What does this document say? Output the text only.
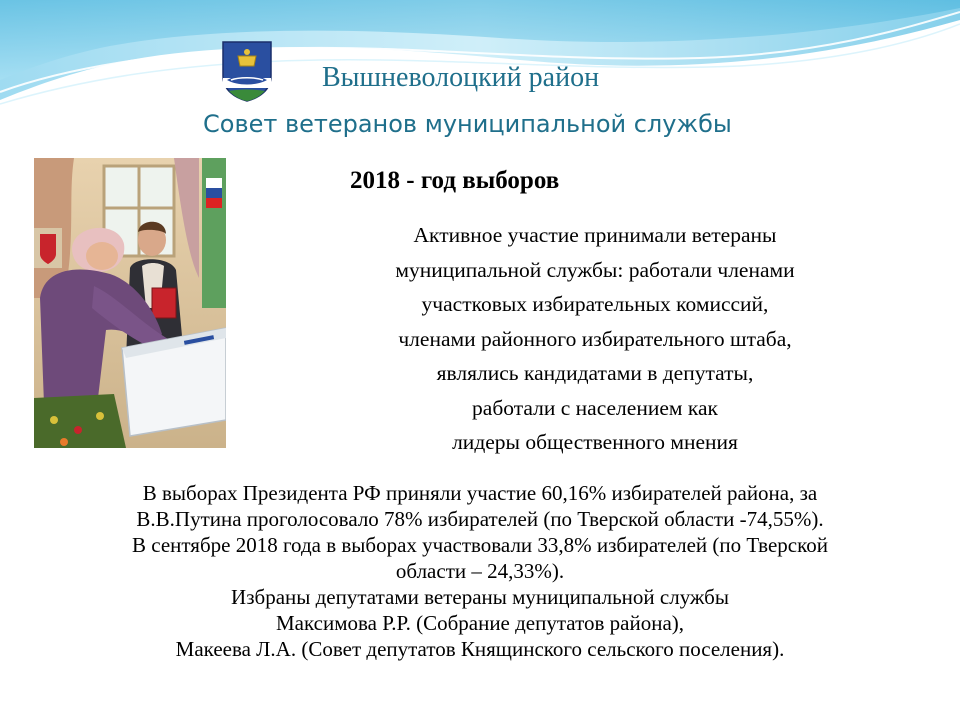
Вышневолоцкий район
Совет ветеранов муниципальной службы
2018 - год выборов
Активное участие принимали ветераны
муниципальной службы: работали членами
участковых избирательных комиссий,
членами районного избирательного штаба,
являлись кандидатами в депутаты,
работали с населением как
лидеры общественного мнения
В выборах Президента РФ приняли участие 60,16% избирателей района, за
В.В.Путина проголосовало 78% избирателей (по Тверской области -74,55%).
В сентябре 2018 года в выборах участвовали 33,8% избирателей (по Тверской
области – 24,33%).
Избраны депутатами ветераны муниципальной службы
Максимова Р.Р. (Собрание депутатов района),
Макеева Л.А. (Совет депутатов Княщинского сельского поселения).
